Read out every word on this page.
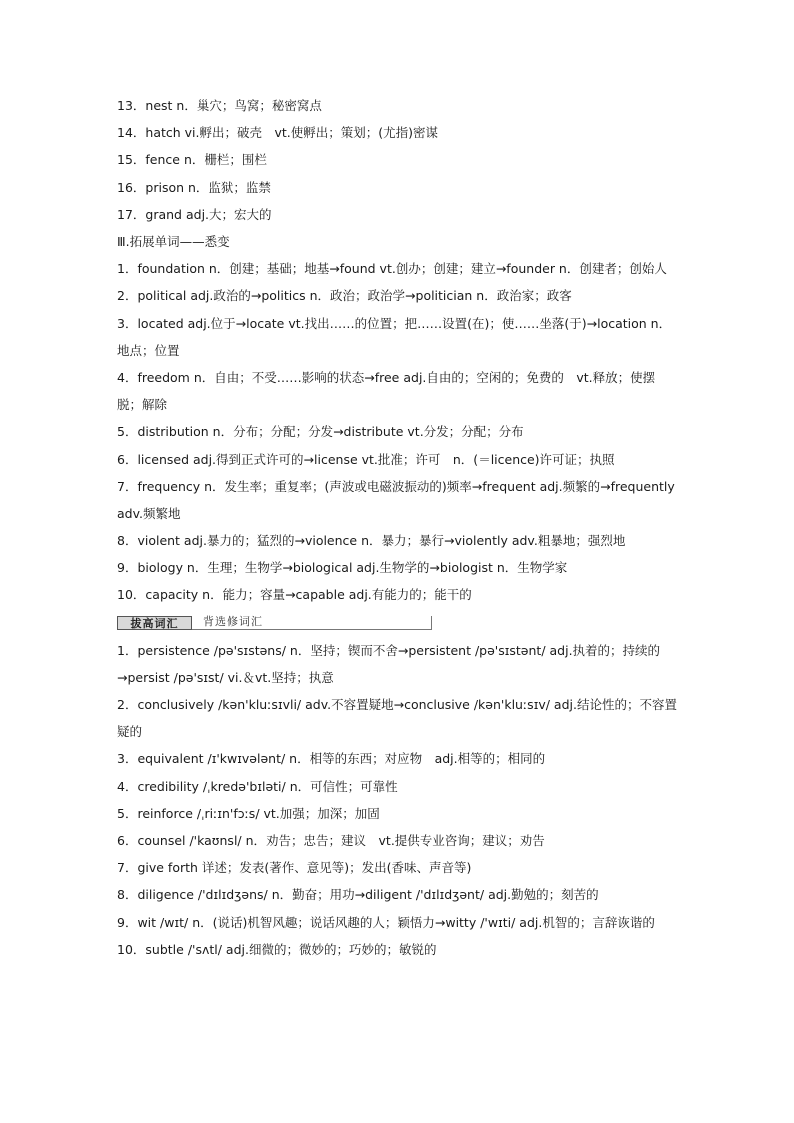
13．nest n．巢穴；鸟窝；秘密窝点
14．hatch vi.孵出；破壳　vt.使孵出；策划；(尤指)密谋
15．fence n．栅栏；围栏
16．prison n．监狱；监禁
17．grand adj.大；宏大的
Ⅲ.拓展单词——悉变
1．foundation n．创建；基础；地基→found vt.创办；创建；建立→founder n．创建者；创始人
2．political adj.政治的→politics n．政治；政治学→politician n．政治家；政客
3．located adj.位于→locate vt.找出……的位置；把……设置(在)；使……坐落(于)→location n．地点；位置
4．freedom n．自由；不受……影响的状态→free adj.自由的；空闲的；免费的　vt.释放；使摆脱；解除
5．distribution n．分布；分配；分发→distribute vt.分发；分配；分布
6．licensed adj.得到正式许可的→license vt.批准；许可　n．(＝licence)许可证；执照
7．frequency n．发生率；重复率；(声波或电磁波振动的)频率→frequent adj.频繁的→frequently adv.频繁地
8．violent adj.暴力的；猛烈的→violence n．暴力；暴行→violently adv.粗暴地；强烈地
9．biology n．生理；生物学→biological adj.生物学的→biologist n．生物学家
10．capacity n．能力；容量→capable adj.有能力的；能干的
拔高词汇	背选修词汇
1．persistence /pə'sɪstəns/ n．坚持；锲而不舍→persistent /pə'sɪstənt/ adj.执着的；持续的→persist /pə'sɪst/ vi.＆vt.坚持；执意
2．conclusively /kən'kluːsɪvli/ adv.不容置疑地→conclusive /kən'kluːsɪv/ adj.结论性的；不容置疑的
3．equivalent /ɪ'kwɪvələnt/ n．相等的东西；对应物　adj.相等的；相同的
4．credibility /ˌkredə'bɪləti/ n．可信性；可靠性
5．reinforce /ˌriːɪn'fɔːs/ vt.加强；加深；加固
6．counsel /'kaʊnsl/ n．劝告；忠告；建议　vt.提供专业咨询；建议；劝告
7．give forth 详述；发表(著作、意见等)；发出(香味、声音等)
8．diligence /'dɪlɪdʒəns/ n．勤奋；用功→diligent /'dɪlɪdʒənt/ adj.勤勉的；刻苦的
9．wit /wɪt/ n．(说话)机智风趣；说话风趣的人；颖悟力→witty /'wɪti/ adj.机智的；言辞诙谐的
10．subtle /'sʌtl/ adj.细微的；微妙的；巧妙的；敏锐的
